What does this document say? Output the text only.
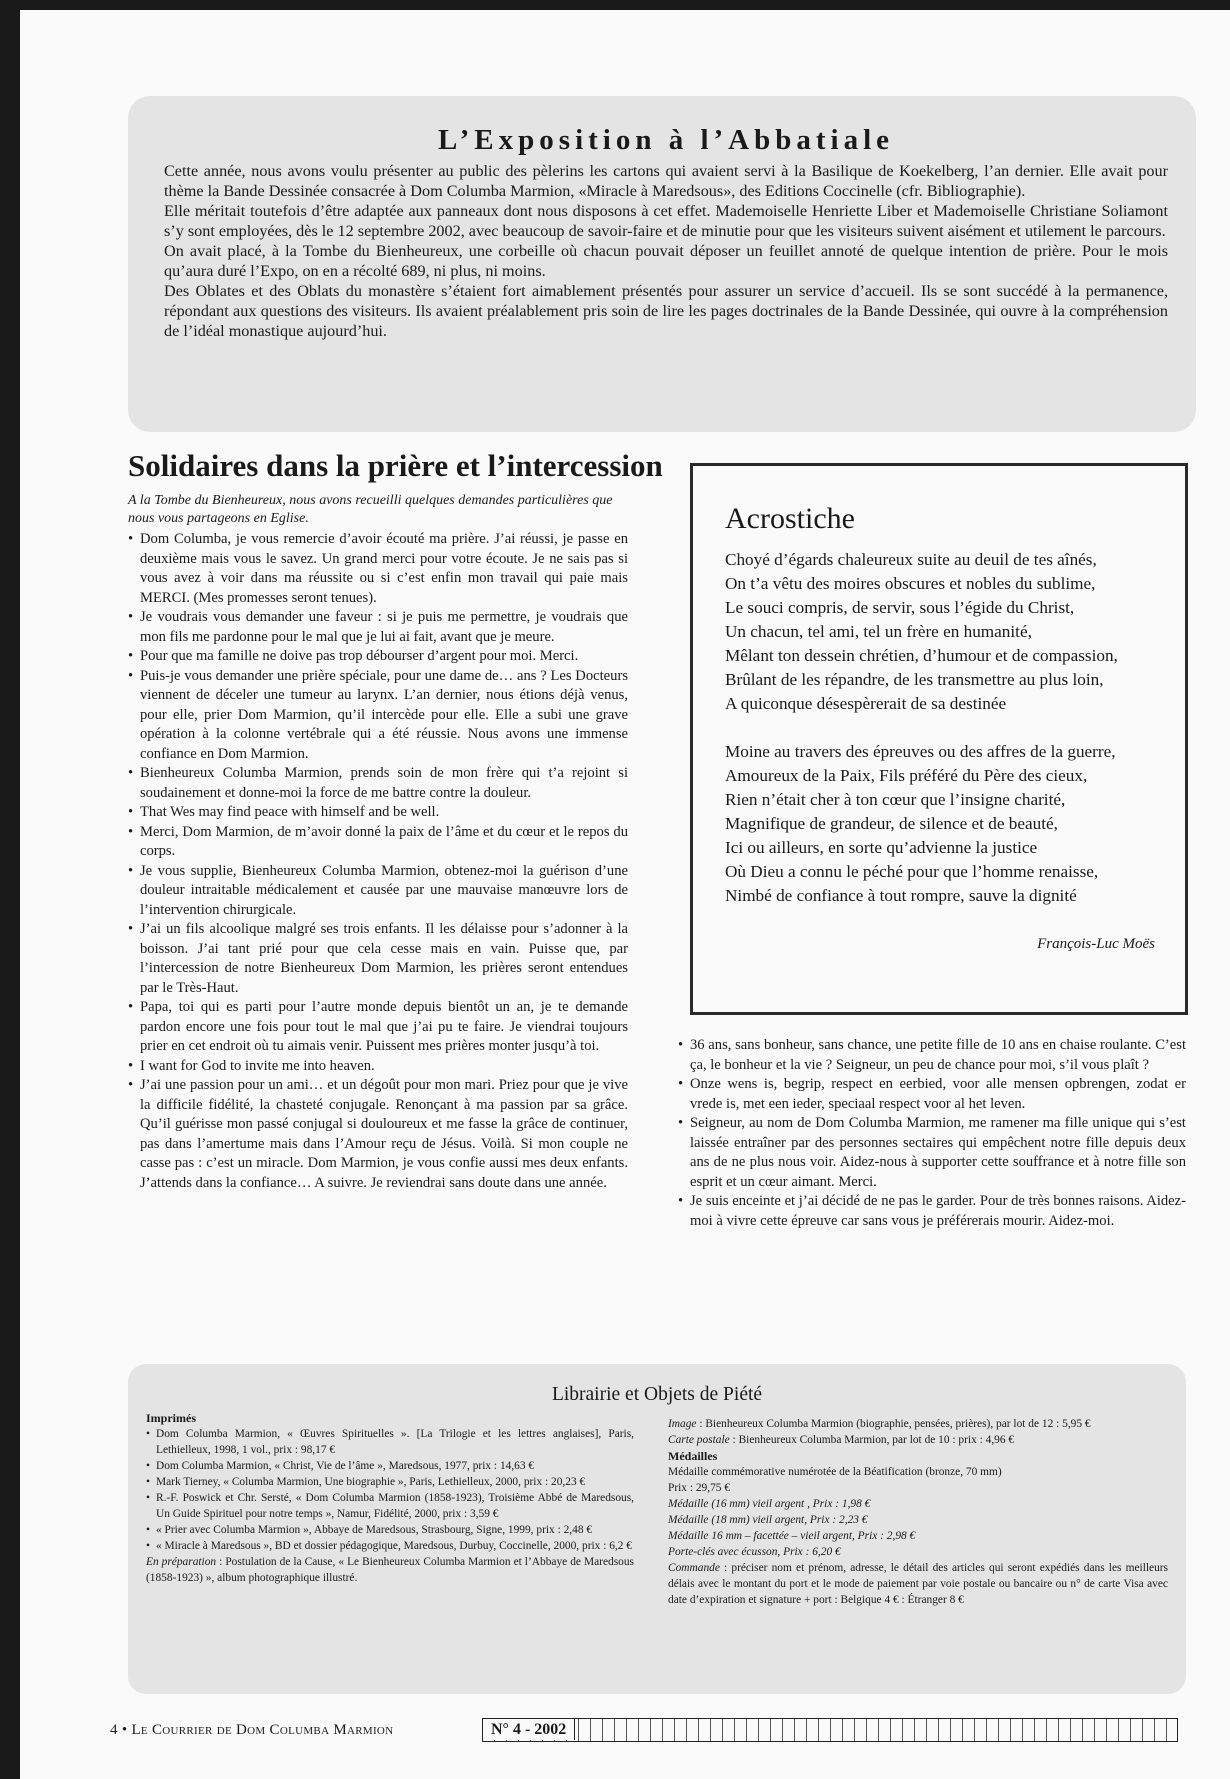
L’Exposition à l’Abbatiale

Cette année, nous avons voulu présenter au public des pèlerins les cartons qui avaient servi à la Basilique de Koekelberg, l’an dernier. Elle avait pour thème la Bande Dessinée consacrée à Dom Columba Marmion, «Miracle à Maredsous», des Editions Coccinelle (cfr. Bibliographie).

Elle méritait toutefois d’être adaptée aux panneaux dont nous disposons à cet effet. Mademoiselle Henriette Liber et Mademoiselle Christiane Soliamont s’y sont employées, dès le 12 septembre 2002, avec beaucoup de savoir-faire et de minutie pour que les visiteurs suivent aisément et utilement le parcours.

On avait placé, à la Tombe du Bienheureux, une corbeille où chacun pouvait déposer un feuillet annoté de quelque intention de prière. Pour le mois qu’aura duré l’Expo, on en a récolté 689, ni plus, ni moins.

Des Oblates et des Oblats du monastère s’étaient fort aimablement présentés pour assurer un service d’accueil. Ils se sont succédé à la permanence, répondant aux questions des visiteurs. Ils avaient préalablement pris soin de lire les pages doctrinales de la Bande Dessinée, qui ouvre à la compréhension de l’idéal monastique aujourd’hui.

Solidaires dans la prière et l’intercession

A la Tombe du Bienheureux, nous avons recueilli quelques demandes particulières que nous vous partageons en Eglise.

• Dom Columba, je vous remercie d’avoir écouté ma prière. J’ai réussi, je passe en deuxième mais vous le savez. Un grand merci pour votre écoute. Je ne sais pas si vous avez à voir dans ma réussite ou si c’est enfin mon travail qui paie mais MERCI. (Mes promesses seront tenues).
• Je voudrais vous demander une faveur : si je puis me permettre, je voudrais que mon fils me pardonne pour le mal que je lui ai fait, avant que je meure.
• Pour que ma famille ne doive pas trop débourser d’argent pour moi. Merci.
• Puis-je vous demander une prière spéciale, pour une dame de… ans ? Les Docteurs viennent de déceler une tumeur au larynx. L’an dernier, nous étions déjà venus, pour elle, prier Dom Marmion, qu’il intercède pour elle. Elle a subi une grave opération à la colonne vertébrale qui a été réussie. Nous avons une immense confiance en Dom Marmion.
• Bienheureux Columba Marmion, prends soin de mon frère qui t’a rejoint si soudainement et donne-moi la force de me battre contre la douleur.
• That Wes may find peace with himself and be well.
• Merci, Dom Marmion, de m’avoir donné la paix de l’âme et du cœur et le repos du corps.
• Je vous supplie, Bienheureux Columba Marmion, obtenez-moi la guérison d’une douleur intraitable médicalement et causée par une mauvaise manœuvre lors de l’intervention chirurgicale.
• J’ai un fils alcoolique malgré ses trois enfants. Il les délaisse pour s’adonner à la boisson. J’ai tant prié pour que cela cesse mais en vain. Puisse que, par l’intercession de notre Bienheureux Dom Marmion, les prières seront entendues par le Très-Haut.
• Papa, toi qui es parti pour l’autre monde depuis bientôt un an, je te demande pardon encore une fois pour tout le mal que j’ai pu te faire. Je viendrai toujours prier en cet endroit où tu aimais venir. Puissent mes prières monter jusqu’à toi.
• I want for God to invite me into heaven.
• J’ai une passion pour un ami… et un dégoût pour mon mari. Priez pour que je vive la difficile fidélité, la chasteté conjugale. Renonçant à ma passion par sa grâce. Qu’il guérisse mon passé conjugal si douloureux et me fasse la grâce de continuer, pas dans l’amertume mais dans l’Amour reçu de Jésus. Voilà. Si mon couple ne casse pas : c’est un miracle. Dom Marmion, je vous confie aussi mes deux enfants. J’attends dans la confiance… A suivre. Je reviendrai sans doute dans une année.
Acrostiche
Choyé d’égards chaleureux suite au deuil de tes aînés,
On t’a vêtu des moires obscures et nobles du sublime,
Le souci compris, de servir, sous l’égide du Christ,
Un chacun, tel ami, tel un frère en humanité,
Mêlant ton dessein chrétien, d’humour et de compassion,
Brûlant de les répandre, de les transmettre au plus loin,
A quiconque désespèrerait de sa destinée
Moine au travers des épreuves ou des affres de la guerre,
Amoureux de la Paix, Fils préféré du Père des cieux,
Rien n’était cher à ton cœur que l’insigne charité,
Magnifique de grandeur, de silence et de beauté,
Ici ou ailleurs, en sorte qu’advienne la justice
Où Dieu a connu le péché pour que l’homme renaisse,
Nimbé de confiance à tout rompre, sauve la dignité
François-Luc Moës
• 36 ans, sans bonheur, sans chance, une petite fille de 10 ans en chaise roulante. C’est ça, le bonheur et la vie ? Seigneur, un peu de chance pour moi, s’il vous plaît ?
• Onze wens is, begrip, respect en eerbied, voor alle mensen opbrengen, zodat er vrede is, met een ieder, speciaal respect voor al het leven.
• Seigneur, au nom de Dom Columba Marmion, me ramener ma fille unique qui s’est laissée entraîner par des personnes sectaires qui empêchent notre fille depuis deux ans de ne plus nous voir. Aidez-nous à supporter cette souffrance et à notre fille son esprit et un cœur aimant. Merci.
• Je suis enceinte et j’ai décidé de ne pas le garder. Pour de très bonnes raisons. Aidez-moi à vivre cette épreuve car sans vous je préférerais mourir. Aidez-moi.
Librairie et Objets de Piété
Imprimés
• Dom Columba Marmion, « Œuvres Spirituelles ». [La Trilogie et les lettres anglaises], Paris, Lethielleux, 1998, 1 vol., prix : 98,17 €
• Dom Columba Marmion, « Christ, Vie de l’âme », Maredsous, 1977, prix : 14,63 €
• Mark Tierney, « Columba Marmion, Une biographie », Paris, Lethielleux, 2000, prix : 20,23 €
• R.-F. Poswick et Chr. Sersté, « Dom Columba Marmion (1858-1923), Troisième Abbé de Maredsous, Un Guide Spirituel pour notre temps », Namur, Fidélité, 2000, prix : 3,59 €
• « Prier avec Columba Marmion », Abbaye de Maredsous, Strasbourg, Signe, 1999, prix : 2,48 €
• « Miracle à Maredsous », BD et dossier pédagogique, Maredsous, Durbuy, Coccinelle, 2000, prix : 6,2 €
En préparation : Postulation de la Cause, « Le Bienheureux Columba Marmion et l’Abbaye de Maredsous (1858-1923) », album photographique illustré.
Image : Bienheureux Columba Marmion (biographie, pensées, prières), par lot de 12 : 5,95 €
Carte postale : Bienheureux Columba Marmion, par lot de 10 : prix : 4,96 €
Médailles
Médaille commémorative numérotée de la Béatification (bronze, 70 mm)
Prix : 29,75 €
Médaille (16 mm) vieil argent , Prix : 1,98 €
Médaille (18 mm) vieil argent, Prix : 2,23 €
Médaille 16 mm – facettée – vieil argent, Prix : 2,98 €
Porte-clés avec écusson, Prix : 6,20 €
Commande : préciser nom et prénom, adresse, le détail des articles qui seront expédiés dans les meilleurs délais avec le montant du port et le mode de paiement par voie postale ou bancaire ou n° de carte Visa avec date d’expiration et signature + port : Belgique 4 € : Étranger 8 €
4 • Le Courrier de Dom Columba Marmion	N° 4 - 2002
